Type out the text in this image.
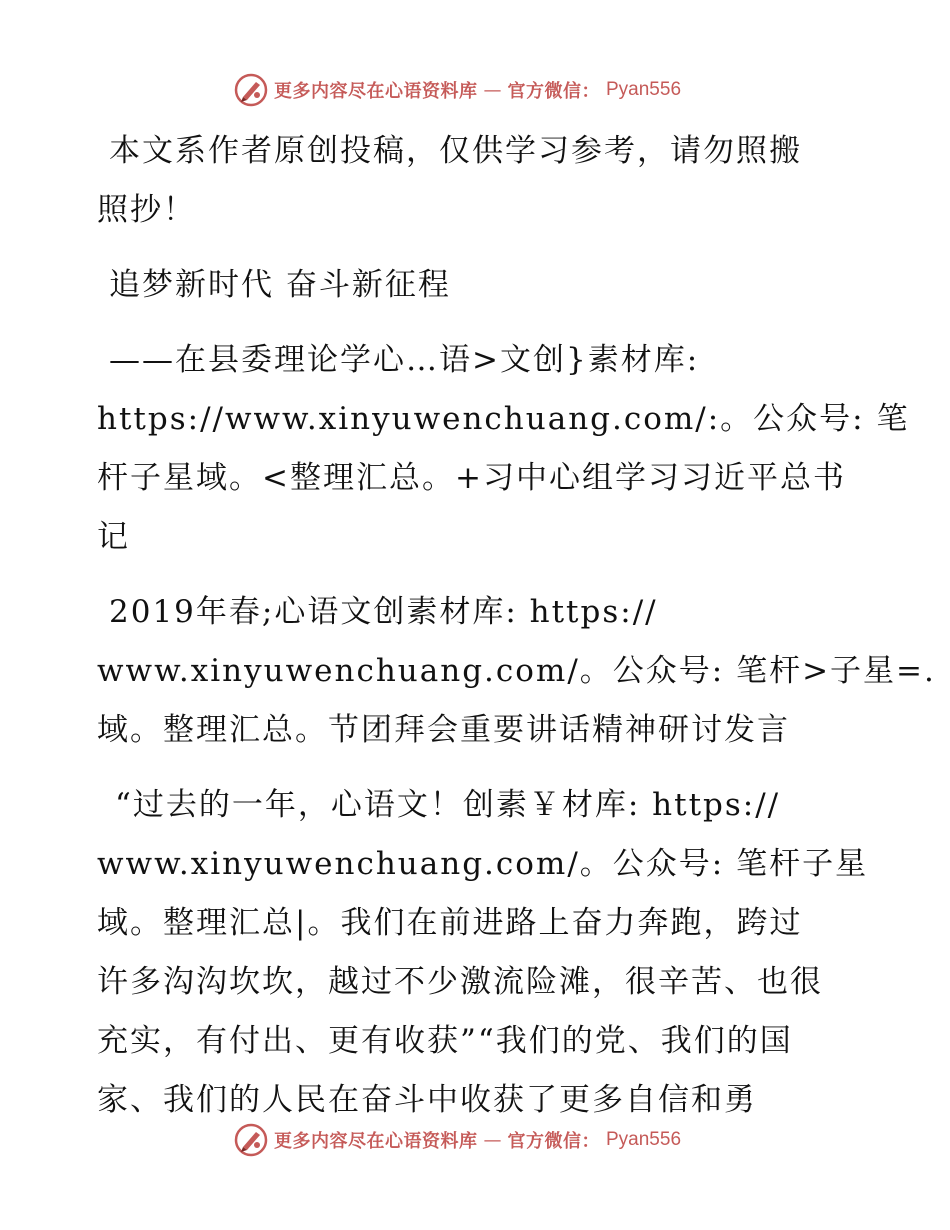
更多内容尽在心语资料库 — 官方微信： Pyan556
本文系作者原创投稿，仅供学习参考，请勿照搬
照抄！
追梦新时代 奋斗新征程
——在县委理论学心…语>文创}素材库:
https://www.xinyuwenchuang.com/:。公众号: 笔
杆子星域。<整理汇总。+习中心组学习习近平总书
记
2019年春;心语文创素材库: https://
www.xinyuwenchuang.com/。公众号: 笔杆>子星=.
域。整理汇总。节团拜会重要讲话精神研讨发言
“过去的一年，心语文！创素￥材库: https://
www.xinyuwenchuang.com/。公众号: 笔杆子星
域。整理汇总|。我们在前进路上奋力奔跑，跨过
许多沟沟坎坎，越过不少激流险滩，很辛苦、也很
充实，有付出、更有收获”“我们的党、我们的国
家、我们的人民在奋斗中收获了更多自信和勇
更多内容尽在心语资料库 — 官方微信： Pyan556
